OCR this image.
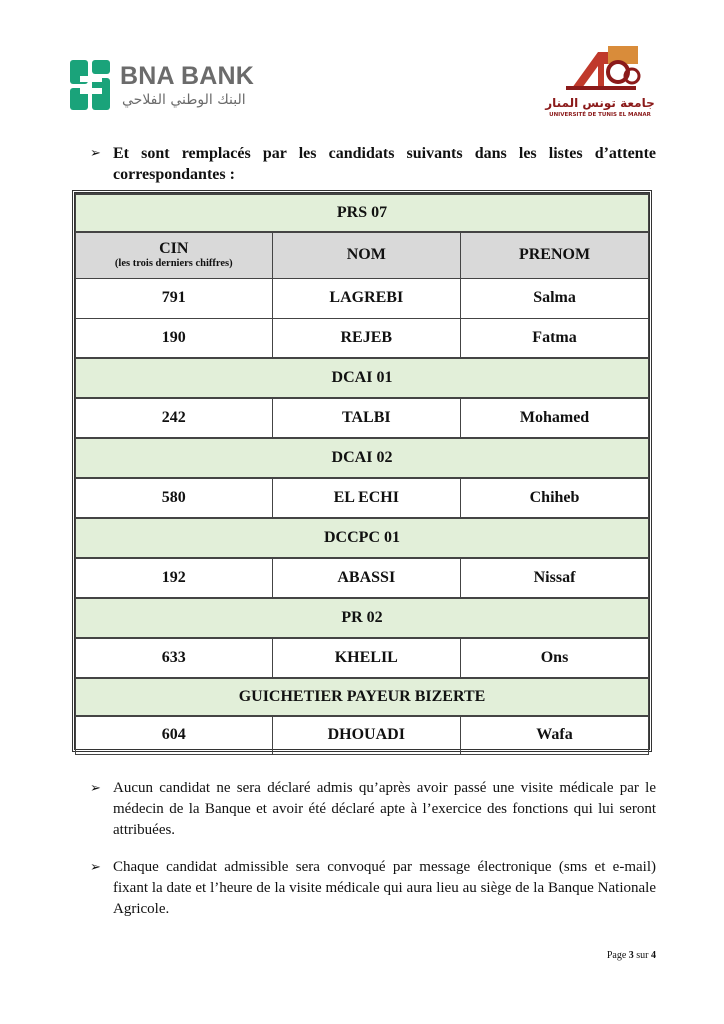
BNA BANK
البنك الوطني الفلاحي	جامعة تونس المنار
UNIVERSITÉ DE TUNIS EL MANAR
➢ Et sont remplacés par les candidats suivants dans les listes d’attente
correspondantes :
PRS 07		

CIN
(les trois derniers chiffres)	NOM	PRENOM
791	LAGREBI	Salma
190	REJEB	Fatma
DCAI 01		
242	TALBI	Mohamed
DCAI 02		
580	EL ECHI	Chiheb
DCCPC 01		
192	ABASSI	Nissaf
PR 02		
633	KHELIL	Ons
GUICHETIER PAYEUR BIZERTE		
604	DHOUADI	Wafa
➢ Aucun candidat ne sera déclaré admis qu’après avoir passé une visite médicale par le médecin de la Banque et avoir été déclaré apte à l’exercice des fonctions qui lui seront attribuées.
➢ Chaque candidat admissible sera convoqué par message électronique (sms et e-mail) fixant la date et l’heure de la visite médicale qui aura lieu au siège de la Banque Nationale Agricole.
Page 3 sur 4
